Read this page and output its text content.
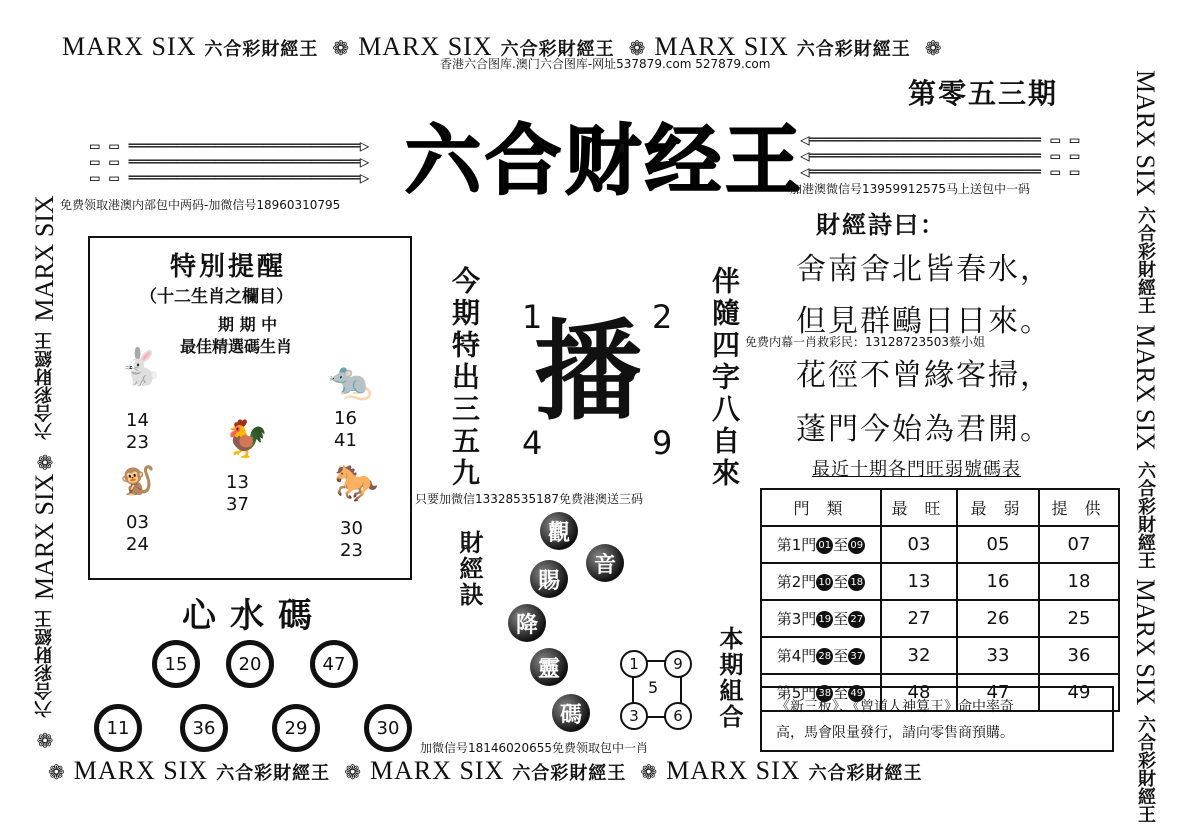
MARX SIX 六合彩財經王 ❁ MARX SIX 六合彩財經王 ❁ MARX SIX 六合彩財經王 ❁
❁ MARX SIX 六合彩財經王 ❁ MARX SIX 六合彩財經王 ❁ MARX SIX 六合彩財經王
❁六合彩財經王MARX SIX❁六合彩財經王MARX SIX
MARX SIX六合彩財經王MARX SIX六合彩財經王MARX SIX六合彩財經王
香港六合图库.澳门六合图库-网址537879.com 527879.com
第零五三期
▭ ▭ ════════════════════════▷
▭ ▭ ════════════════════════▷
▭ ▭ ════════════════════════▷
◁════════════════════════ ▭ ▭
◁════════════════════════ ▭ ▭
◁════════════════════════ ▭ ▭
六合财经王
免费领取港澳内部包中两码-加微信号18960310795
加港澳微信号13959912575马上送包中一码
免费内幕一肖救彩民：13128723503蔡小姐
只要加微信13328535187免费港澳送三码
加微信号18146020655免费领取包中一肖
特別提醒
（十二生肖之欄目）
期 期 中
最佳精選碼生肖
🐇
14
23 🐓
13
37
🐀
16
41
🐒
03
24
🐎
30
23
心水碼
15	20	47
11	36	29	30
今期特出三五九	伴隨四字八自來
1	2
4	9
播
財經訣	觀
音
賜
降
靈
碼
1	9
5
3	6	本期組合
財經詩曰：
舍南舍北皆春水，
但見群鷗日日來。
花徑不曾緣客掃，
蓬門今始為君開。
最近十期各門旺弱號碼表
門 類	最 旺	最 弱	提 供
第1門 01 至 09	03	05	07
第2門 10 至 18	13	16	18
第3門 19 至 27	27	26	25
第4門 28 至 37	32	33	36
第5門 38 至 49	48	47	49
《新三板》、《曾道人神算王》命中率奇
高，馬會限量發行，請向零售商預購。
